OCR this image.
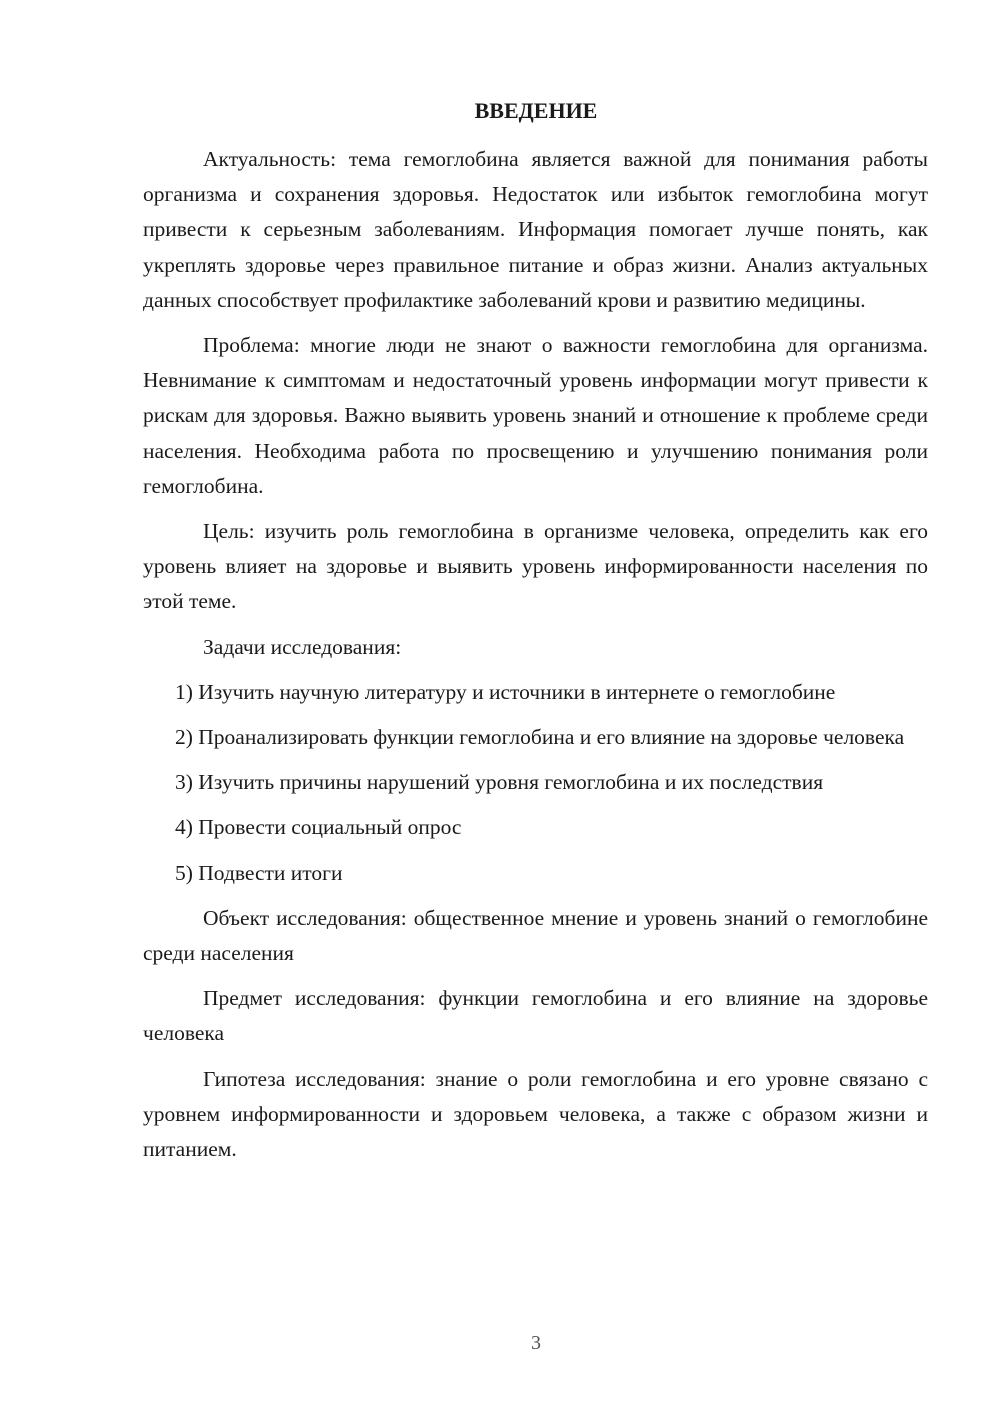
ВВЕДЕНИЕ

Актуальность: тема гемоглобина является важной для понимания работы организма и сохранения здоровья. Недостаток или избыток гемоглобина могут привести к серьезным заболеваниям. Информация помогает лучше понять, как укреплять здоровье через правильное питание и образ жизни. Анализ актуальных данных способствует профилактике заболеваний крови и развитию медицины.

Проблема: многие люди не знают о важности гемоглобина для организма. Невнимание к симптомам и недостаточный уровень информации могут привести к рискам для здоровья. Важно выявить уровень знаний и отношение к проблеме среди населения. Необходима работа по просвещению и улучшению понимания роли гемоглобина.

Цель: изучить роль гемоглобина в организме человека, определить как его уровень влияет на здоровье и выявить уровень информированности населения по этой теме.

Задачи исследования:

1) Изучить научную литературу и источники в интернете о гемоглобине

2) Проанализировать функции гемоглобина и его влияние на здоровье человека

3) Изучить причины нарушений уровня гемоглобина и их последствия

4) Провести социальный опрос

5) Подвести итоги

Объект исследования: общественное мнение и уровень знаний о гемоглобине среди населения

Предмет исследования: функции гемоглобина и его влияние на здоровье человека

Гипотеза исследования: знание о роли гемоглобина и его уровне связано с уровнем информированности и здоровьем человека, а также с образом жизни и питанием.

3
